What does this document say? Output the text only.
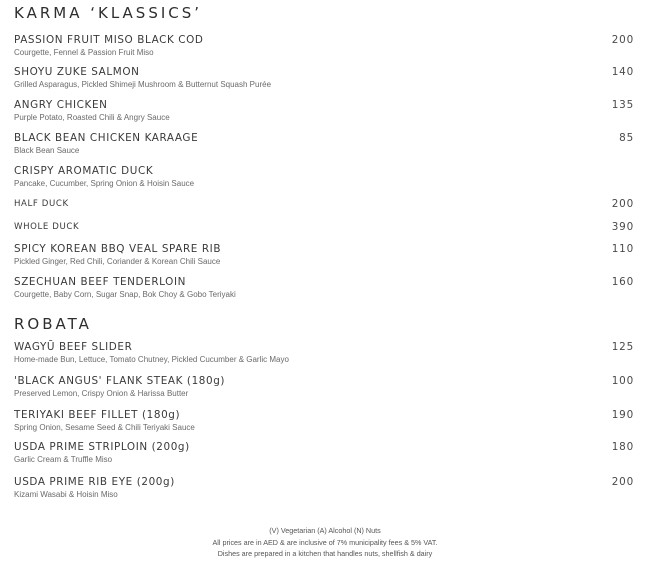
KARMA ‘KLASSICS’
PASSION FRUIT MISO BLACK COD
Courgette, Fennel & Passion Fruit Miso
200
SHOYU ZUKE SALMON
Grilled Asparagus, Pickled Shimeji Mushroom & Butternut Squash Purée
140
ANGRY CHICKEN
Purple Potato, Roasted Chili & Angry Sauce
135
BLACK BEAN CHICKEN KARAAGE
Black Bean Sauce
85
CRISPY AROMATIC DUCK
Pancake, Cucumber, Spring Onion & Hoisin Sauce
HALF DUCK	200
WHOLE DUCK	390
SPICY KOREAN BBQ VEAL SPARE RIB
Pickled Ginger, Red Chili, Coriander & Korean Chili Sauce
110
SZECHUAN BEEF TENDERLOIN
Courgette, Baby Corn, Sugar Snap, Bok Choy & Gobo Teriyaki
160
ROBATA
WAGYŪ BEEF SLIDER
Home-made Bun, Lettuce, Tomato Chutney, Pickled Cucumber & Garlic Mayo
125
'BLACK ANGUS' FLANK STEAK (180g)
Preserved Lemon, Crispy Onion & Harissa Butter
100
TERIYAKI BEEF FILLET (180g)
Spring Onion, Sesame Seed & Chili Teriyaki Sauce
190
USDA PRIME STRIPLOIN (200g)
Garlic Cream & Truffle Miso
180
USDA PRIME RIB EYE (200g)
Kizami Wasabi & Hoisin Miso
200
(V) Vegetarian (A) Alcohol (N) Nuts
All prices are in AED & are inclusive of 7% municipality fees & 5% VAT.
Dishes are prepared in a kitchen that handles nuts, shellfish & dairy
